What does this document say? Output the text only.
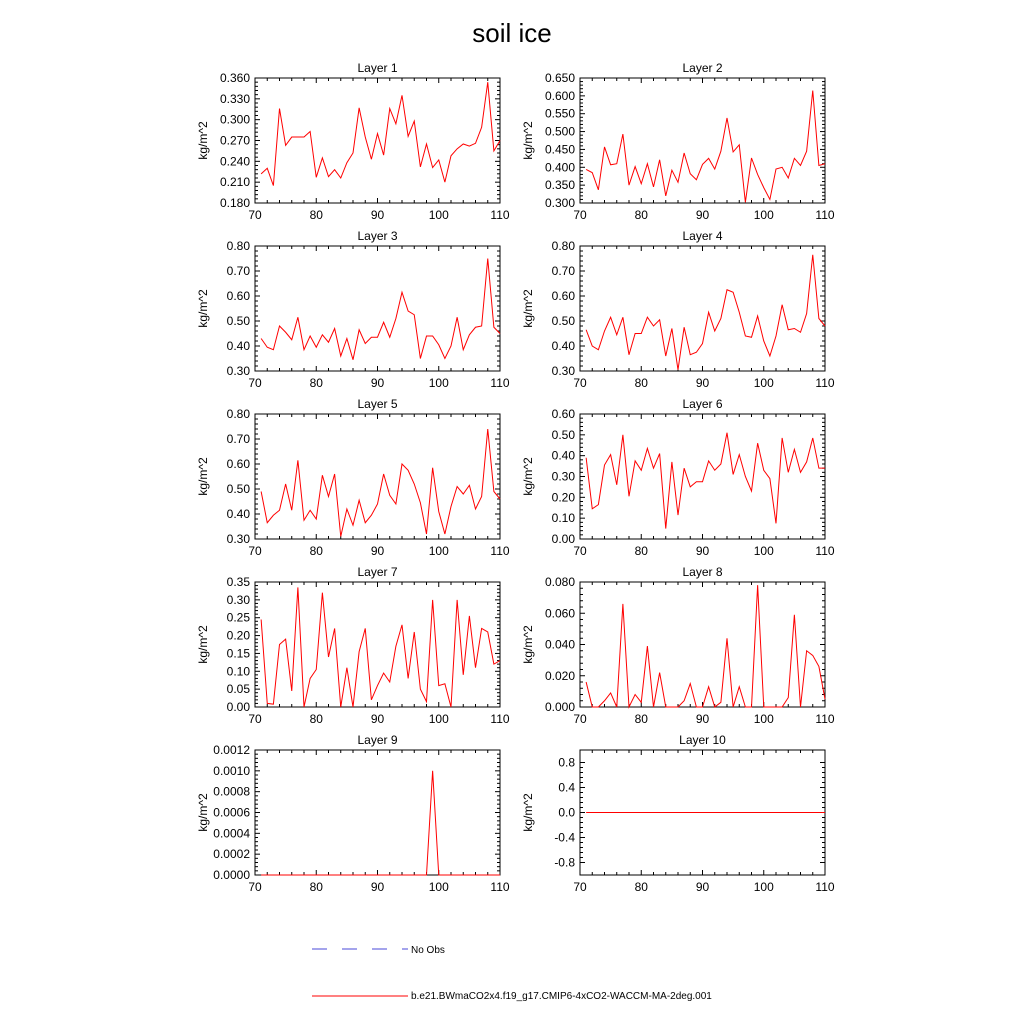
soil ice
Layer 1
70	80	90	100	110
0.180
0.210
0.240
0.270
0.300
0.330
0.360
kg/m^2
Layer 2
70	80	90	100	110
0.300
0.350
0.400
0.450
0.500
0.550
0.600
0.650
kg/m^2
Layer 3
70	80	90	100	110
0.30
0.40
0.50
0.60
0.70
0.80
kg/m^2
Layer 4
70	80	90	100	110
0.30
0.40
0.50
0.60
0.70
0.80
kg/m^2
Layer 5
70	80	90	100	110
0.30
0.40
0.50
0.60
0.70
0.80
kg/m^2
Layer 6
70	80	90	100	110
0.00
0.10
0.20
0.30
0.40
0.50
0.60
kg/m^2
Layer 7
70	80	90	100	110
0.00
0.05
0.10
0.15
0.20
0.25
0.30
0.35
kg/m^2
Layer 8
70	80	90	100	110
0.000
0.020
0.040
0.060
0.080
kg/m^2
Layer 9
70	80	90	100	110
0.0000
0.0002
0.0004
0.0006
0.0008
0.0010
0.0012
kg/m^2
Layer 10
70	80	90	100	110
-0.8
-0.4
0.0
0.4
0.8
kg/m^2
No Obs
b.e21.BWmaCO2x4.f19_g17.CMIP6-4xCO2-WACCM-MA-2deg.001
